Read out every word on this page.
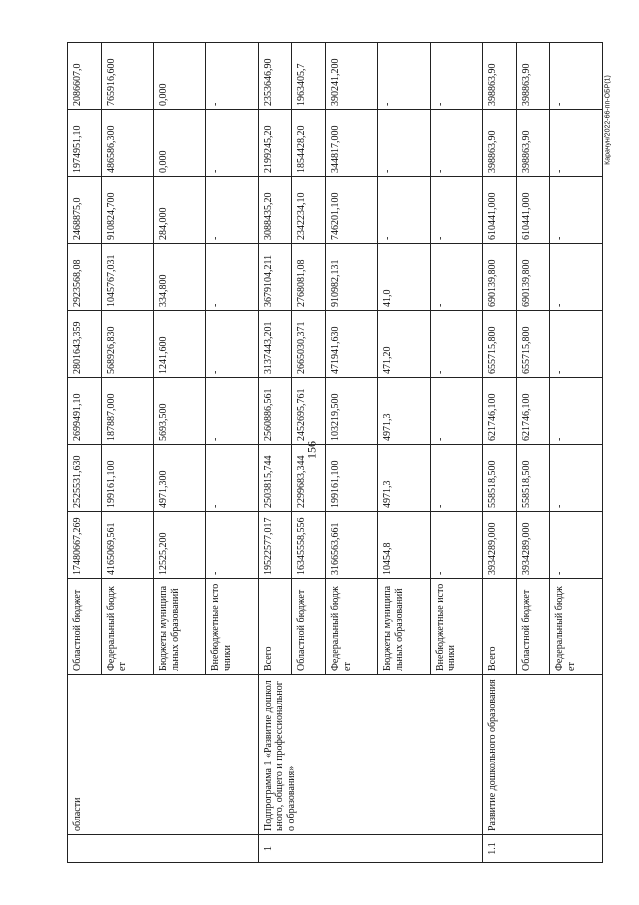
156
Карачун/2022-66-пп-ОБР(1)
	области	Областной бюджет	17480667,269	2525531,630	2699491,10	2801643,359	2923568,08	2468875,0	1974951,10	2086607,0
		Федеральный бюджет	4165069,561	199161,100	187887,000	568926,830	1045767,031	910824,700	486586,300	765916,600
		Бюджеты муниципальных образований	12525,200	4971,300	5693,500	1241,600	334,800	284,000	0,000	0,000
		Внебюджетные источники	-	-	-	-	-	-	-	-
1	Подпрограмма 1 «Развитие дошкольного, общего и профессионального образования»	Всего	19522577,017	2503815,744	2560886,561	3137443,201	3679104,211	3088435,20	2199245,20	2353646,90
		Областной бюджет	16345558,556	2299683,344	2452695,761	2665030,371	2768081,08	2342234,10	1854428,20	1963405,7
		Федеральный бюджет	3166563,661	199161,100	103219,500	471941,630	910982,131	746201,100	344817,000	390241,200
		Бюджеты муниципальных образований	10454,8	4971,3	4971,3	471,20	41,0	-	-	-
		Внебюджетные источники	-	-	-	-	-	-	-	-
1.1	Развитие дошкольного образования	Всего	3934289,000	558518,500	621746,100	655715,800	690139,800	610441,000	398863,90	398863,90
		Областной бюджет	3934289,000	558518,500	621746,100	655715,800	690139,800	610441,000	398863,90	398863,90
		Федеральный бюджет	-	-	-	-	-	-	-	-
